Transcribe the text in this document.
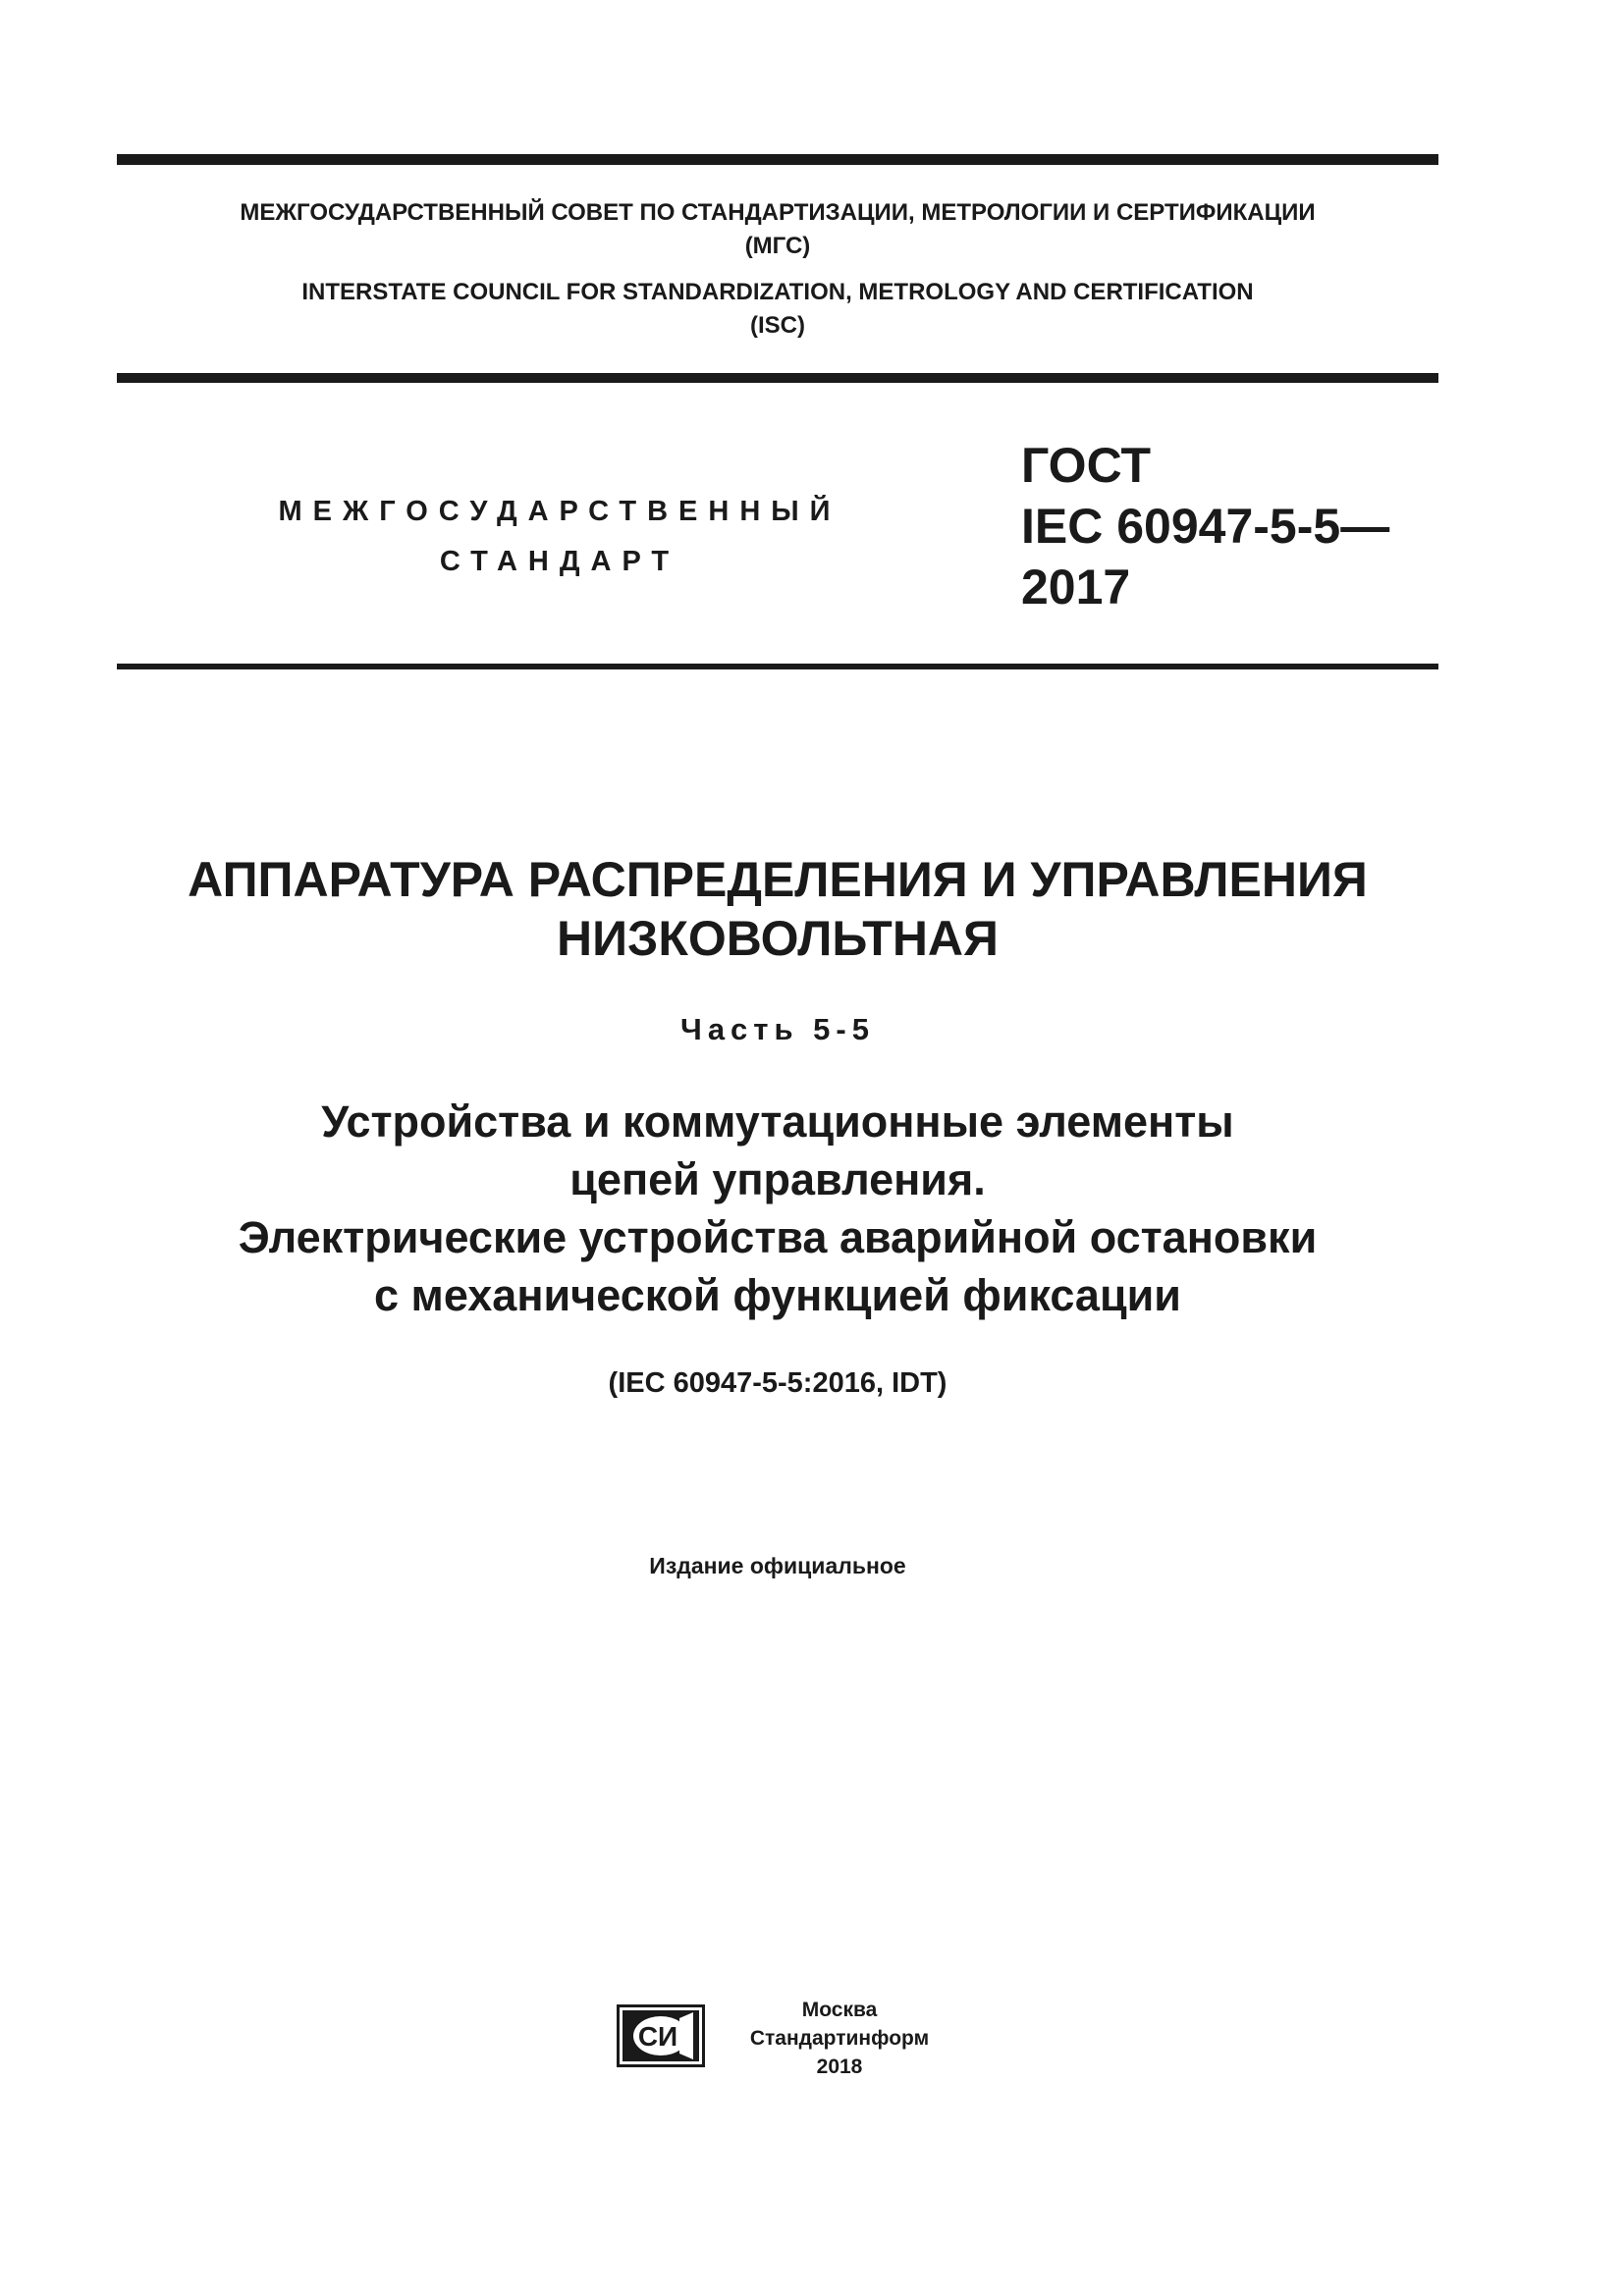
МЕЖГОСУДАРСТВЕННЫЙ СОВЕТ ПО СТАНДАРТИЗАЦИИ, МЕТРОЛОГИИ И СЕРТИФИКАЦИИ
(МГС)
INTERSTATE COUNCIL FOR STANDARDIZATION, METROLOGY AND CERTIFICATION
(ISC)
МЕЖГОСУДАРСТВЕННЫЙ
СТАНДАРТ
ГОСТ
IEC 60947-5-5—
2017
АППАРАТУРА РАСПРЕДЕЛЕНИЯ И УПРАВЛЕНИЯ
НИЗКОВОЛЬТНАЯ
Часть 5-5
Устройства и коммутационные элементы
цепей управления.
Электрические устройства аварийной остановки
с механической функцией фиксации
(IEC 60947-5-5:2016, IDT)
Издание официальное
СИ
Москва
Стандартинформ
2018
